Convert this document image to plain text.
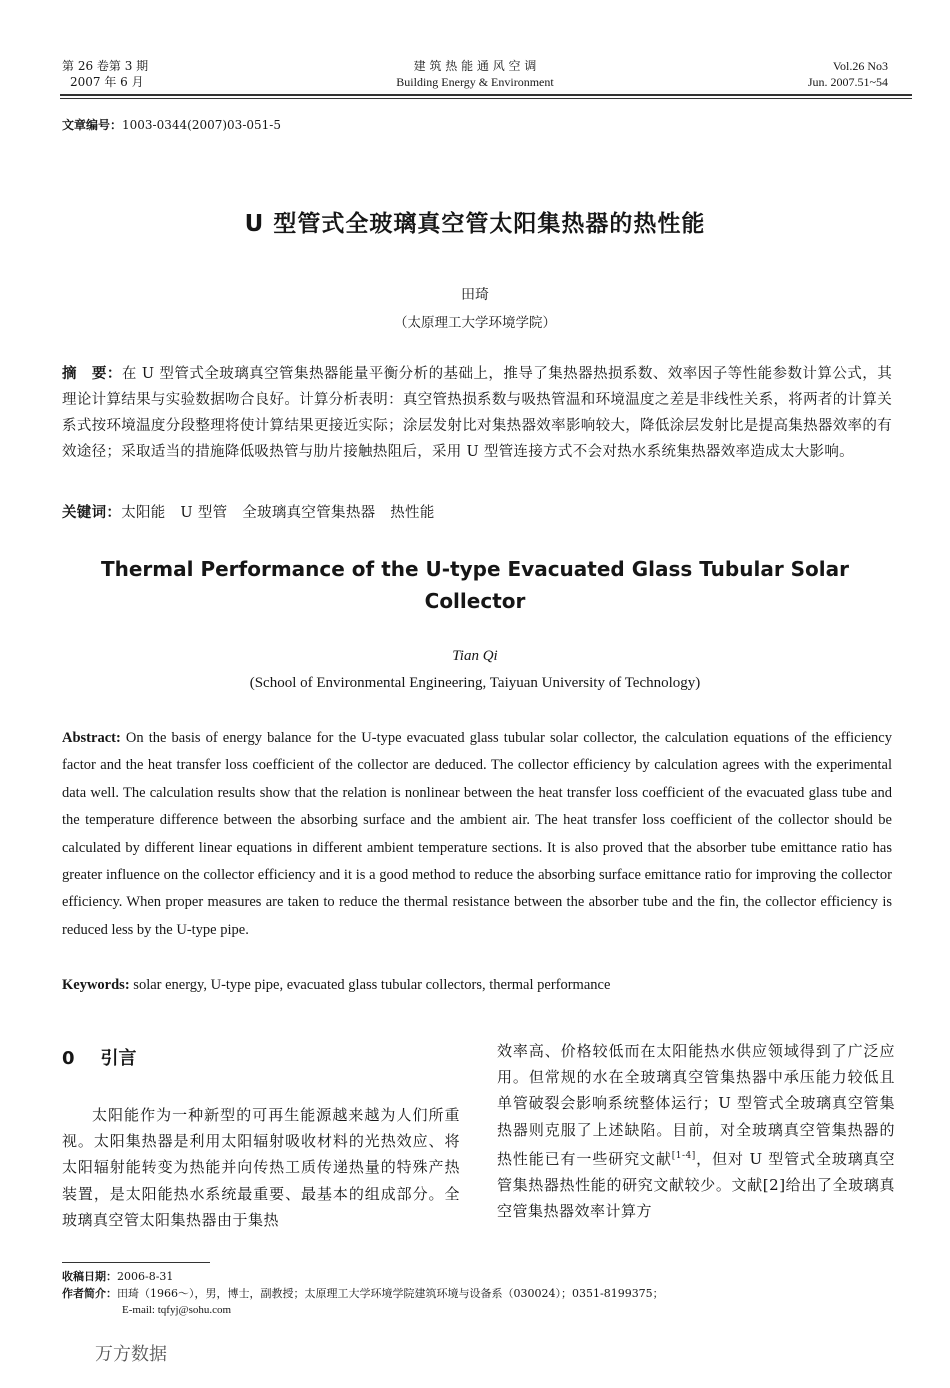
第 26 卷第 3 期
2007 年 6 月
建 筑 热 能 通 风 空 调
Building Energy & Environment
Vol.26 No3
Jun. 2007.51~54
文章编号：1003-0344(2007)03-051-5
U 型管式全玻璃真空管太阳集热器的热性能
田琦
（太原理工大学环境学院）
摘　要：在 U 型管式全玻璃真空管集热器能量平衡分析的基础上，推导了集热器热损系数、效率因子等性能参数计算公式，其理论计算结果与实验数据吻合良好。计算分析表明：真空管热损系数与吸热管温和环境温度之差是非线性关系，将两者的计算关系式按环境温度分段整理将使计算结果更接近实际；涂层发射比对集热器效率影响较大，降低涂层发射比是提高集热器效率的有效途径；采取适当的措施降低吸热管与肋片接触热阻后，采用 U 型管连接方式不会对热水系统集热器效率造成太大影响。
关键词：太阳能　U 型管　全玻璃真空管集热器　热性能
Thermal Performance of the U-type Evacuated Glass Tubular Solar Collector
Tian Qi
(School of Environmental Engineering, Taiyuan University of Technology)
Abstract: On the basis of energy balance for the U-type evacuated glass tubular solar collector, the calculation equations of the efficiency factor and the heat transfer loss coefficient of the collector are deduced. The collector efficiency by calculation agrees with the experimental data well. The calculation results show that the relation is nonlinear between the heat transfer loss coefficient of the evacuated glass tube and the temperature difference between the absorbing surface and the ambient air. The heat transfer loss coefficient of the collector should be calculated by different linear equations in different ambient temperature sections. It is also proved that the absorber tube emittance ratio has greater influence on the collector efficiency and it is a good method to reduce the absorbing surface emittance ratio for improving the collector efficiency. When proper measures are taken to reduce the thermal resistance between the absorber tube and the fin, the collector efficiency is reduced less by the U-type pipe.
Keywords: solar energy, U-type pipe, evacuated glass tubular collectors, thermal performance
0 引言
太阳能作为一种新型的可再生能源越来越为人们所重视。太阳集热器是利用太阳辐射吸收材料的光热效应、将太阳辐射能转变为热能并向传热工质传递热量的特殊产热装置，是太阳能热水系统最重要、最基本的组成部分。全玻璃真空管太阳集热器由于集热
效率高、价格较低而在太阳能热水供应领域得到了广泛应用。但常规的水在全玻璃真空管集热器中承压能力较低且单管破裂会影响系统整体运行；U 型管式全玻璃真空管集热器则克服了上述缺陷。目前，对全玻璃真空管集热器的热性能已有一些研究文献[1-4]，但对 U 型管式全玻璃真空管集热器热性能的研究文献较少。文献[2]给出了全玻璃真空管集热器效率计算方
收稿日期：2006-8-31
作者简介：田琦（1966～），男，博士，副教授；太原理工大学环境学院建筑环境与设备系（030024）；0351-8199375；
E-mail: tqfyj@sohu.com
万方数据
